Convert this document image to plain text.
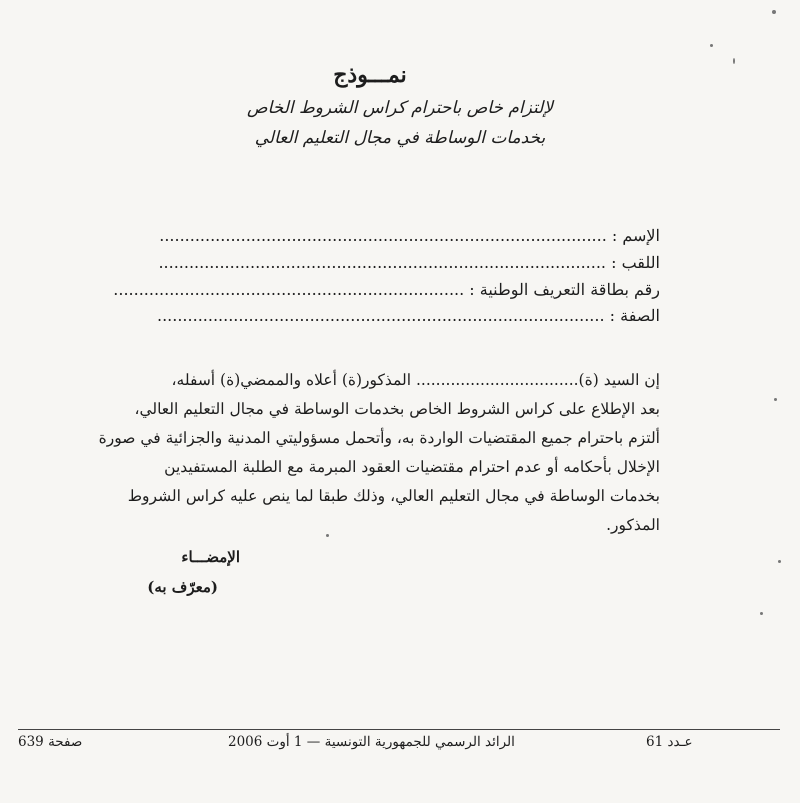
نمـــوذج
لإلتزام خاص باحترام كراس الشروط الخاص
بخدمات الوساطة في مجال التعليم العالي
الإسم : ........................................................................................
اللقب : ........................................................................................
رقم بطاقة التعريف الوطنية : .....................................................................
الصفة : ........................................................................................
إن السيد (ة)................................. المذكور(ة) أعلاه والممضي(ة) أسفله،
بعد الإطلاع على كراس الشروط الخاص بخدمات الوساطة في مجال التعليم العالي،
ألتزم باحترام جميع المقتضيات الواردة به، وأتحمل مسؤوليتي المدنية والجزائية في صورة
الإخلال بأحكامه أو عدم احترام مقتضيات العقود المبرمة مع الطلبة المستفيدين
بخدمات الوساطة في مجال التعليم العالي، وذلك طبقا لما ينص عليه كراس الشروط
المذكور.
الإمضـــاء
(معرّف به)
صفحة 639	الرائد الرسمي للجمهورية التونسية — 1 أوت 2006	عـدد 61
